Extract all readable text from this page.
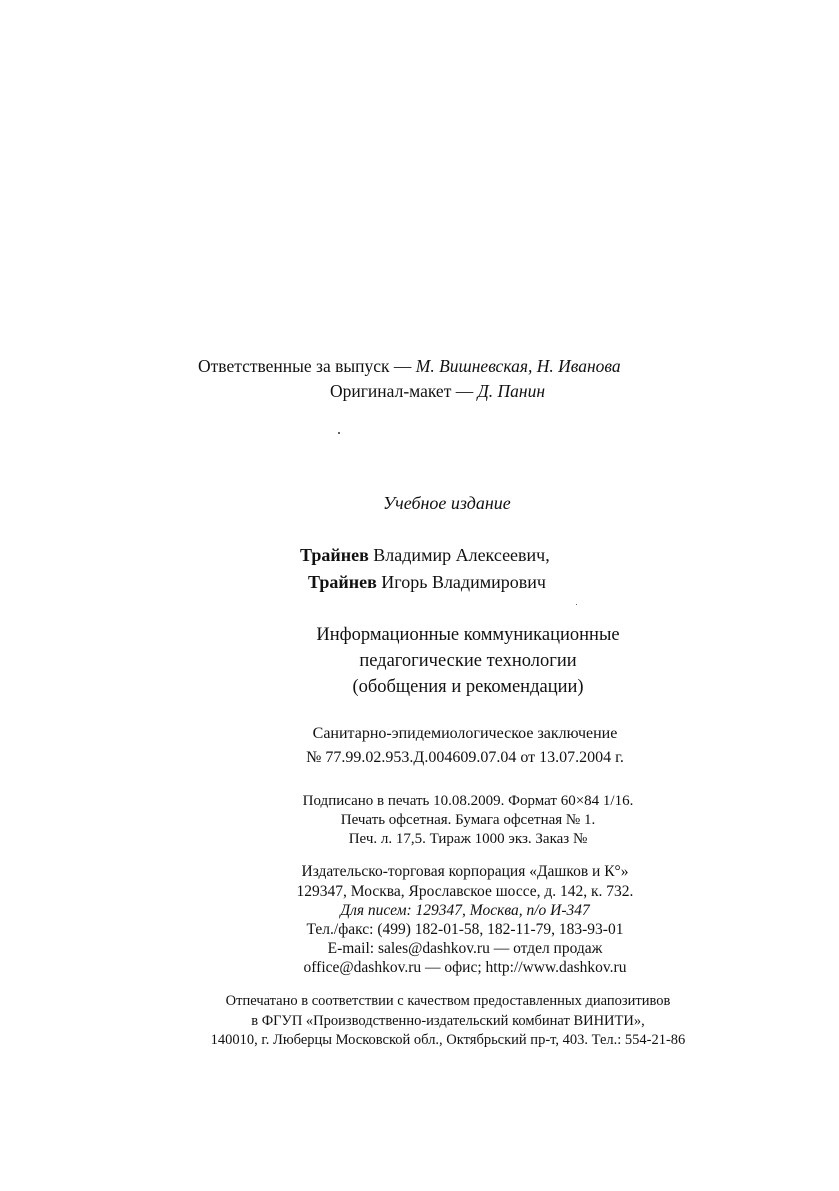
Ответственные за выпуск — М. Вишневская, Н. Иванова
Оригинал-макет — Д. Панин
Учебное издание
Трайнев Владимир Алексеевич,
Трайнев Игорь Владимирович
Информационные коммуникационные
педагогические технологии
(обобщения и рекомендации)
Санитарно-эпидемиологическое заключение
№ 77.99.02.953.Д.004609.07.04 от 13.07.2004 г.
Подписано в печать 10.08.2009. Формат 60×84 1/16.
Печать офсетная. Бумага офсетная № 1.
Печ. л. 17,5. Тираж 1000 экз. Заказ №
Издательско-торговая корпорация «Дашков и К°»
129347, Москва, Ярославское шоссе, д. 142, к. 732.
Для писем: 129347, Москва, п/о И-347
Тел./факс: (499) 182-01-58, 182-11-79, 183-93-01
E-mail: sales@dashkov.ru — отдел продаж
office@dashkov.ru — офис; http://www.dashkov.ru
Отпечатано в соответствии с качеством предоставленных диапозитивов
в ФГУП «Производственно-издательский комбинат ВИНИТИ»,
140010, г. Люберцы Московской обл., Октябрьский пр-т, 403. Тел.: 554-21-86
